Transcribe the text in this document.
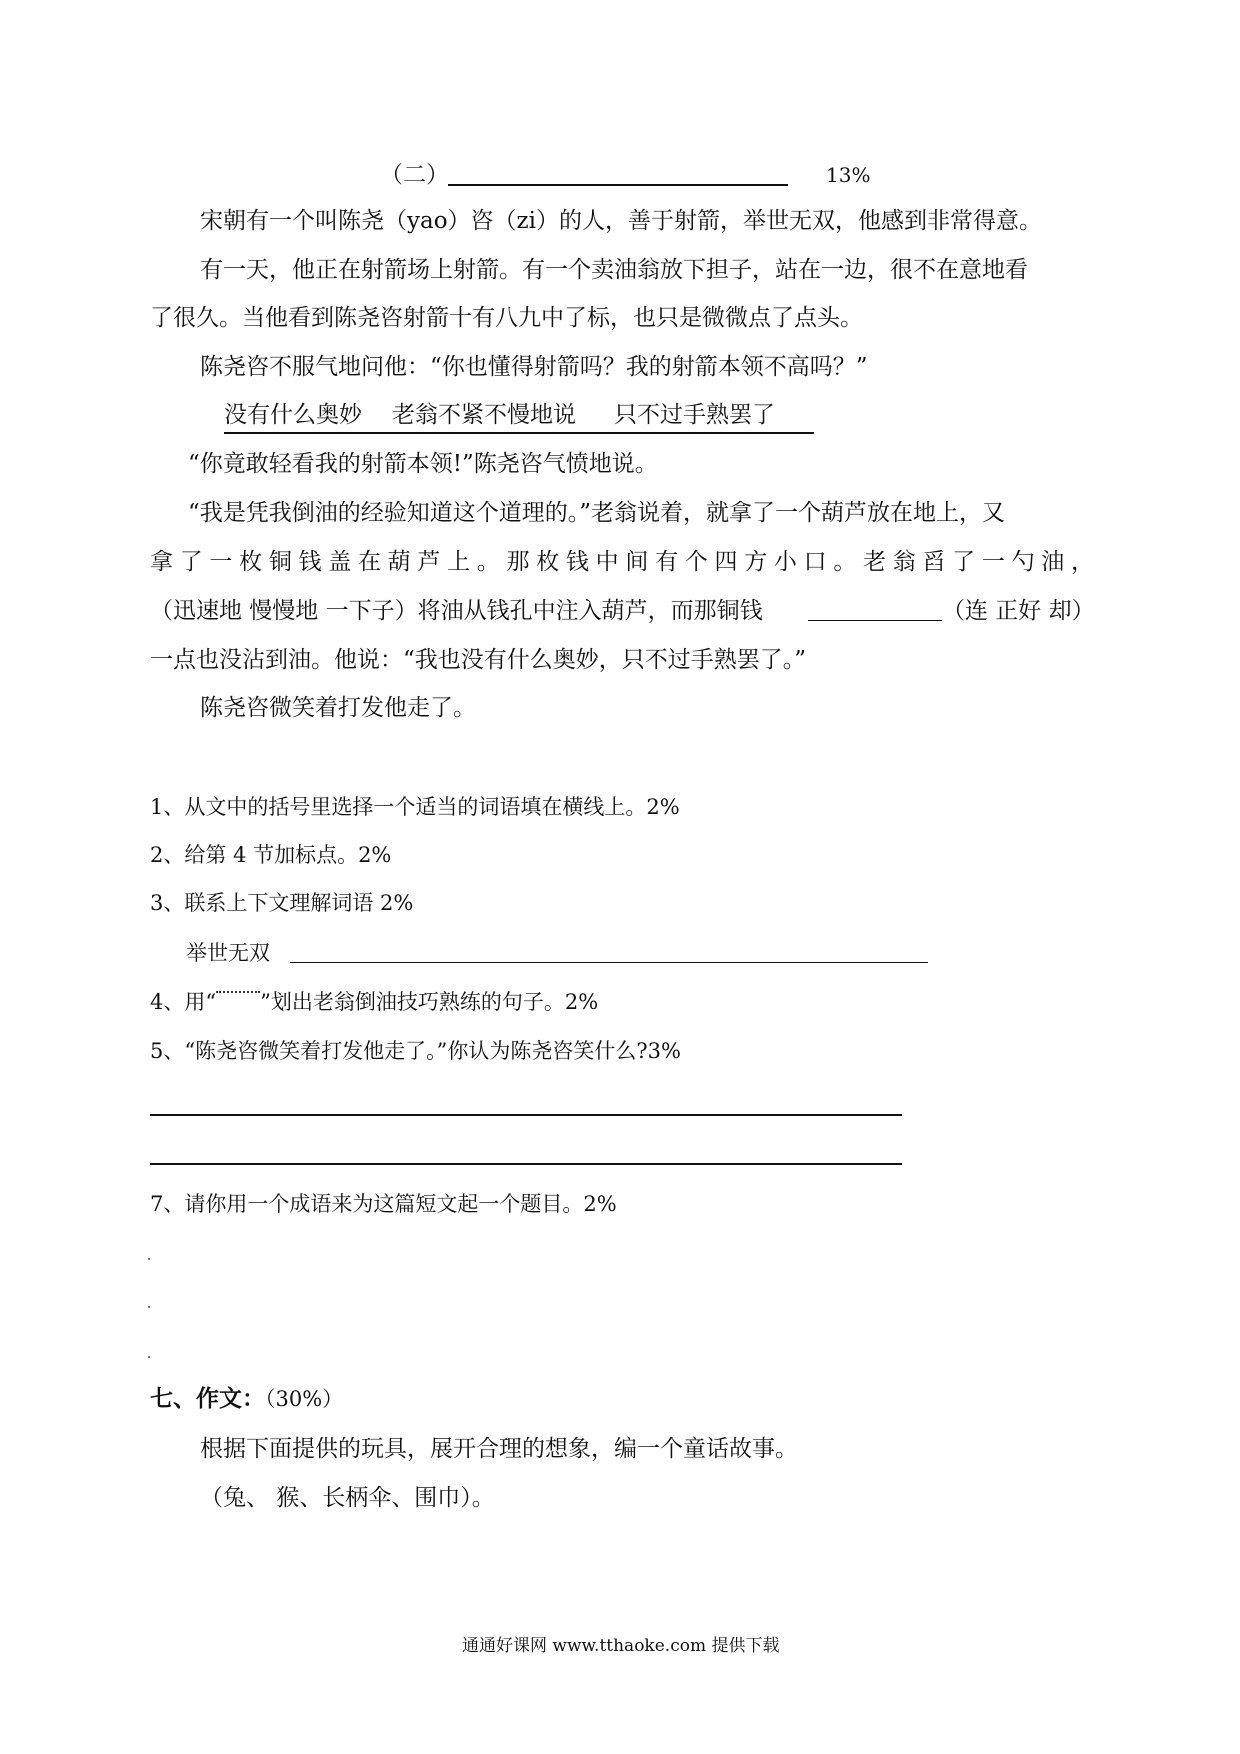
（二）	13%
宋朝有一个叫陈尧（yao）咨（zi）的人，善于射箭，举世无双，他感到非常得意。
有一天，他正在射箭场上射箭。有一个卖油翁放下担子，站在一边，很不在意地看
了很久。当他看到陈尧咨射箭十有八九中了标，也只是微微点了点头。
陈尧咨不服气地问他：“你也懂得射箭吗？我的射箭本领不高吗？”
没有什么奥妙 老翁不紧不慢地说 只不过手熟罢了
“你竟敢轻看我的射箭本领!”陈尧咨气愤地说。
“我是凭我倒油的经验知道这个道理的。”老翁说着，就拿了一个葫芦放在地上，又
拿了一枚铜钱盖在葫芦上。那枚钱中间有个四方小口。老翁舀了一勺油，
（迅速地 慢慢地 一下子）将油从钱孔中注入葫芦，而那铜钱	（连 正好 却）
一点也没沾到油。他说：“我也没有什么奥妙，只不过手熟罢了。”
陈尧咨微笑着打发他走了。
1、从文中的括号里选择一个适当的词语填在横线上。2%
2、给第 4 节加标点。2%
3、联系上下文理解词语 2%
举世无双
4、用“ ”划出老翁倒油技巧熟练的句子。2%
5、“陈尧咨微笑着打发他走了。”你认为陈尧咨笑什么?3%
7、请你用一个成语来为这篇短文起一个题目。2%
七、作文：（30%）
根据下面提供的玩具，展开合理的想象，编一个童话故事。
（兔、 猴、长柄伞、围巾）。
通通好课网 www.tthaoke.com 提供下载
